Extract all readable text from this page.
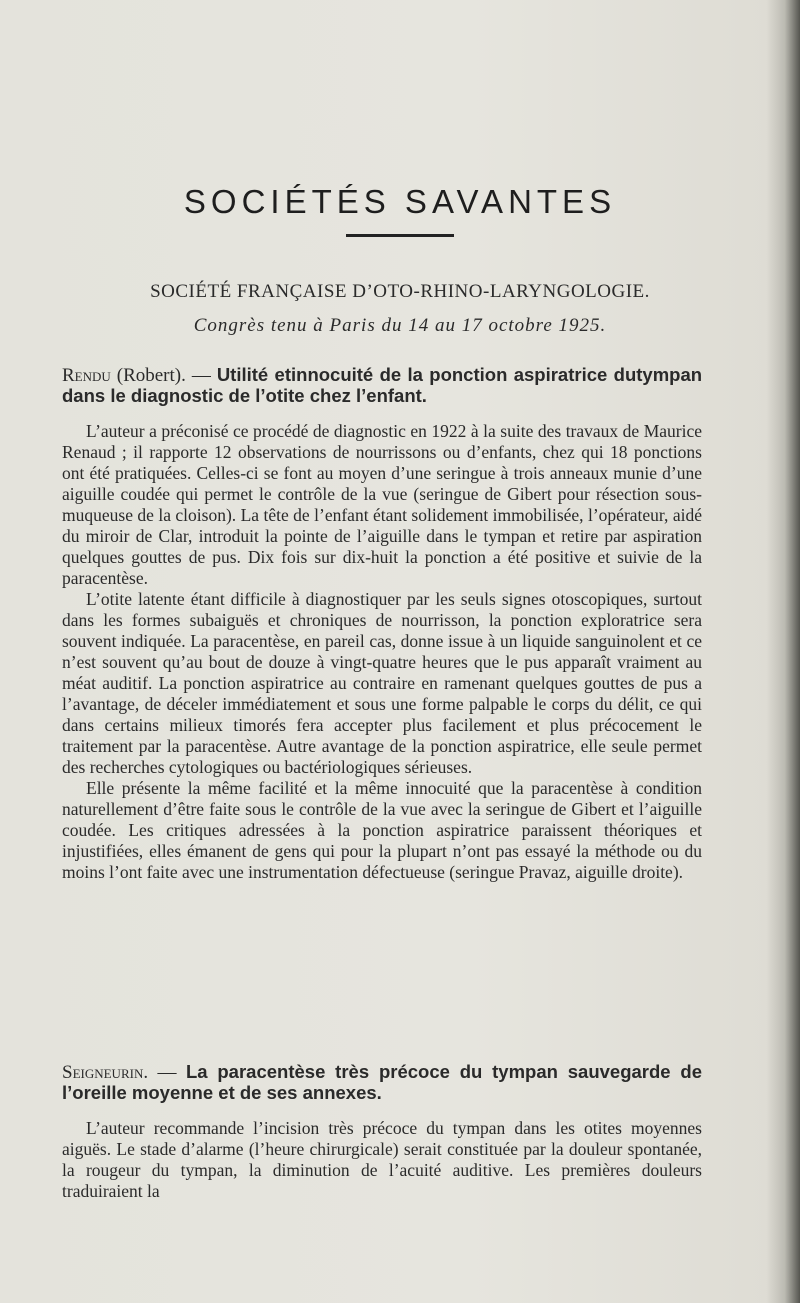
SOCIÉTÉS SAVANTES
SOCIÉTÉ FRANÇAISE D’OTO-RHINO-LARYNGOLOGIE.
Congrès tenu à Paris du 14 au 17 octobre 1925.
Rendu (Robert). — Utilité etinnocuité de la ponction aspiratrice dutympan dans le diagnostic de l’otite chez l’enfant.

L’auteur a préconisé ce procédé de diagnostic en 1922 à la suite des travaux de Maurice Renaud ; il rapporte 12 observations de nourrissons ou d’enfants, chez qui 18 ponctions ont été pratiquées. Celles-ci se font au moyen d’une seringue à trois anneaux munie d’une aiguille coudée qui permet le contrôle de la vue (seringue de Gibert pour résection sous-muqueuse de la cloison). La tête de l’enfant étant solidement immobilisée, l’opérateur, aidé du miroir de Clar, introduit la pointe de l’aiguille dans le tympan et retire par aspiration quelques gouttes de pus. Dix fois sur dix-huit la ponction a été positive et suivie de la paracentèse.

L’otite latente étant difficile à diagnostiquer par les seuls signes otoscopiques, surtout dans les formes subaiguës et chroniques de nourrisson, la ponction exploratrice sera souvent indiquée. La paracentèse, en pareil cas, donne issue à un liquide sanguinolent et ce n’est souvent qu’au bout de douze à vingt-quatre heures que le pus apparaît vraiment au méat auditif. La ponction aspiratrice au contraire en ramenant quelques gouttes de pus a l’avantage, de déceler immédiatement et sous une forme palpable le corps du délit, ce qui dans certains milieux timorés fera accepter plus facilement et plus précocement le traitement par la paracentèse. Autre avantage de la ponction aspiratrice, elle seule permet des recherches cytologiques ou bactériologiques sérieuses.

Elle présente la même facilité et la même innocuité que la paracentèse à condition naturellement d’être faite sous le contrôle de la vue avec la seringue de Gibert et l’aiguille coudée. Les critiques adressées à la ponction aspiratrice paraissent théoriques et injustifiées, elles émanent de gens qui pour la plupart n’ont pas essayé la méthode ou du moins l’ont faite avec une instrumentation défectueuse (seringue Pravaz, aiguille droite).

Seigneurin. — La paracentèse très précoce du tympan sauvegarde de l’oreille moyenne et de ses annexes.

L’auteur recommande l’incision très précoce du tympan dans les otites moyennes aiguës. Le stade d’alarme (l’heure chirurgicale) serait constituée par la douleur spontanée, la rougeur du tympan, la diminution de l’acuité auditive. Les premières douleurs traduiraient la
